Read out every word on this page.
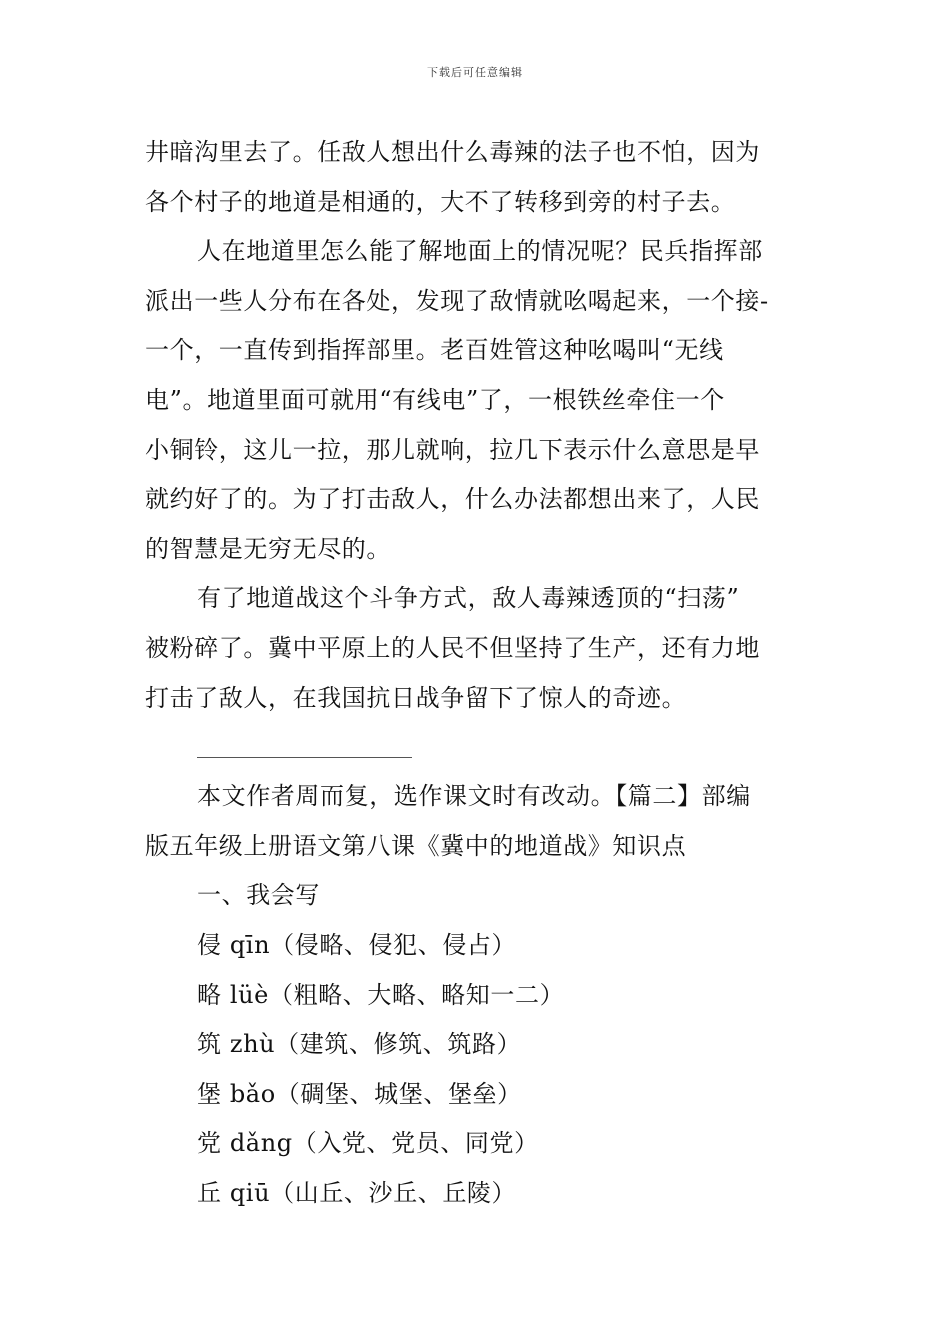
下载后可任意编辑

井暗沟里去了。任敌人想出什么毒辣的法子也不怕，因为
各个村子的地道是相通的，大不了转移到旁的村子去。

人在地道里怎么能了解地面上的情况呢？民兵指挥部
派出一些人分布在各处，发现了敌情就吆喝起来，一个接-
一个，一直传到指挥部里。老百姓管这种吆喝叫“无线
电”。地道里面可就用“有线电”了，一根铁丝牵住一个
小铜铃，这儿一拉，那儿就响，拉几下表示什么意思是早
就约好了的。为了打击敌人，什么办法都想出来了，人民
的智慧是无穷无尽的。

有了地道战这个斗争方式，敌人毒辣透顶的“扫荡”
被粉碎了。冀中平原上的人民不但坚持了生产，还有力地
打击了敌人，在我国抗日战争留下了惊人的奇迹。

本文作者周而复，选作课文时有改动。【篇二】部编
版五年级上册语文第八课《冀中的地道战》知识点

一、我会写

侵 qīn（侵略、侵犯、侵占）

略 lüè（粗略、大略、略知一二）

筑 zhù（建筑、修筑、筑路）

堡 bǎo（碉堡、城堡、堡垒）

党 dǎng（入党、党员、同党）

丘 qiū（山丘、沙丘、丘陵）
